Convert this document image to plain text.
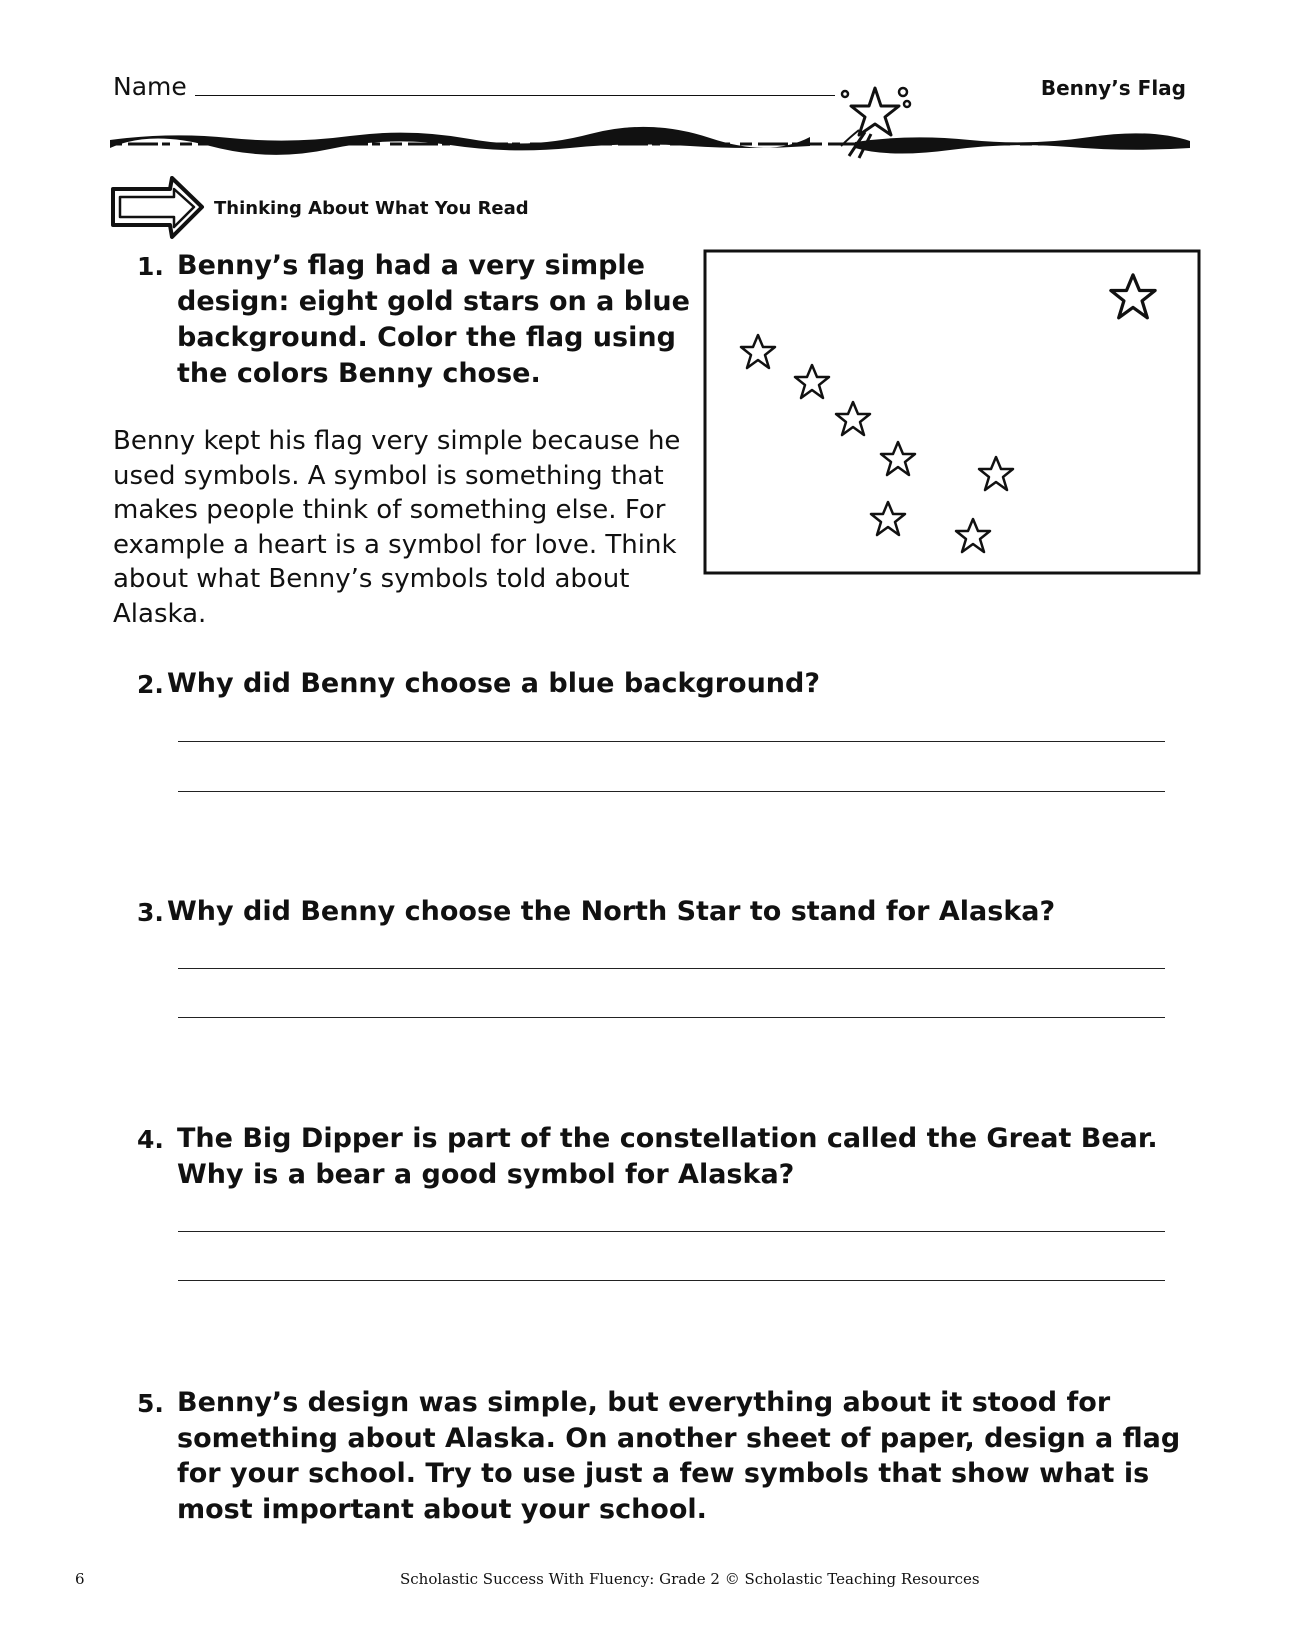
Name	Benny’s Flag
Thinking About What You Read
1. Benny’s flag had a very simple design: eight gold stars on a blue background. Color the flag using the colors Benny chose.
Benny kept his flag very simple because he used symbols. A symbol is something that makes people think of something else. For example a heart is a symbol for love. Think about what Benny’s symbols told about Alaska.
2. Why did Benny choose a blue background?
3. Why did Benny choose the North Star to stand for Alaska?
4. The Big Dipper is part of the constellation called the Great Bear. Why is a bear a good symbol for Alaska?
5. Benny’s design was simple, but everything about it stood for something about Alaska. On another sheet of paper, design a flag for your school. Try to use just a few symbols that show what is most important about your school.
6	Scholastic Success With Fluency: Grade 2 © Scholastic Teaching Resources
